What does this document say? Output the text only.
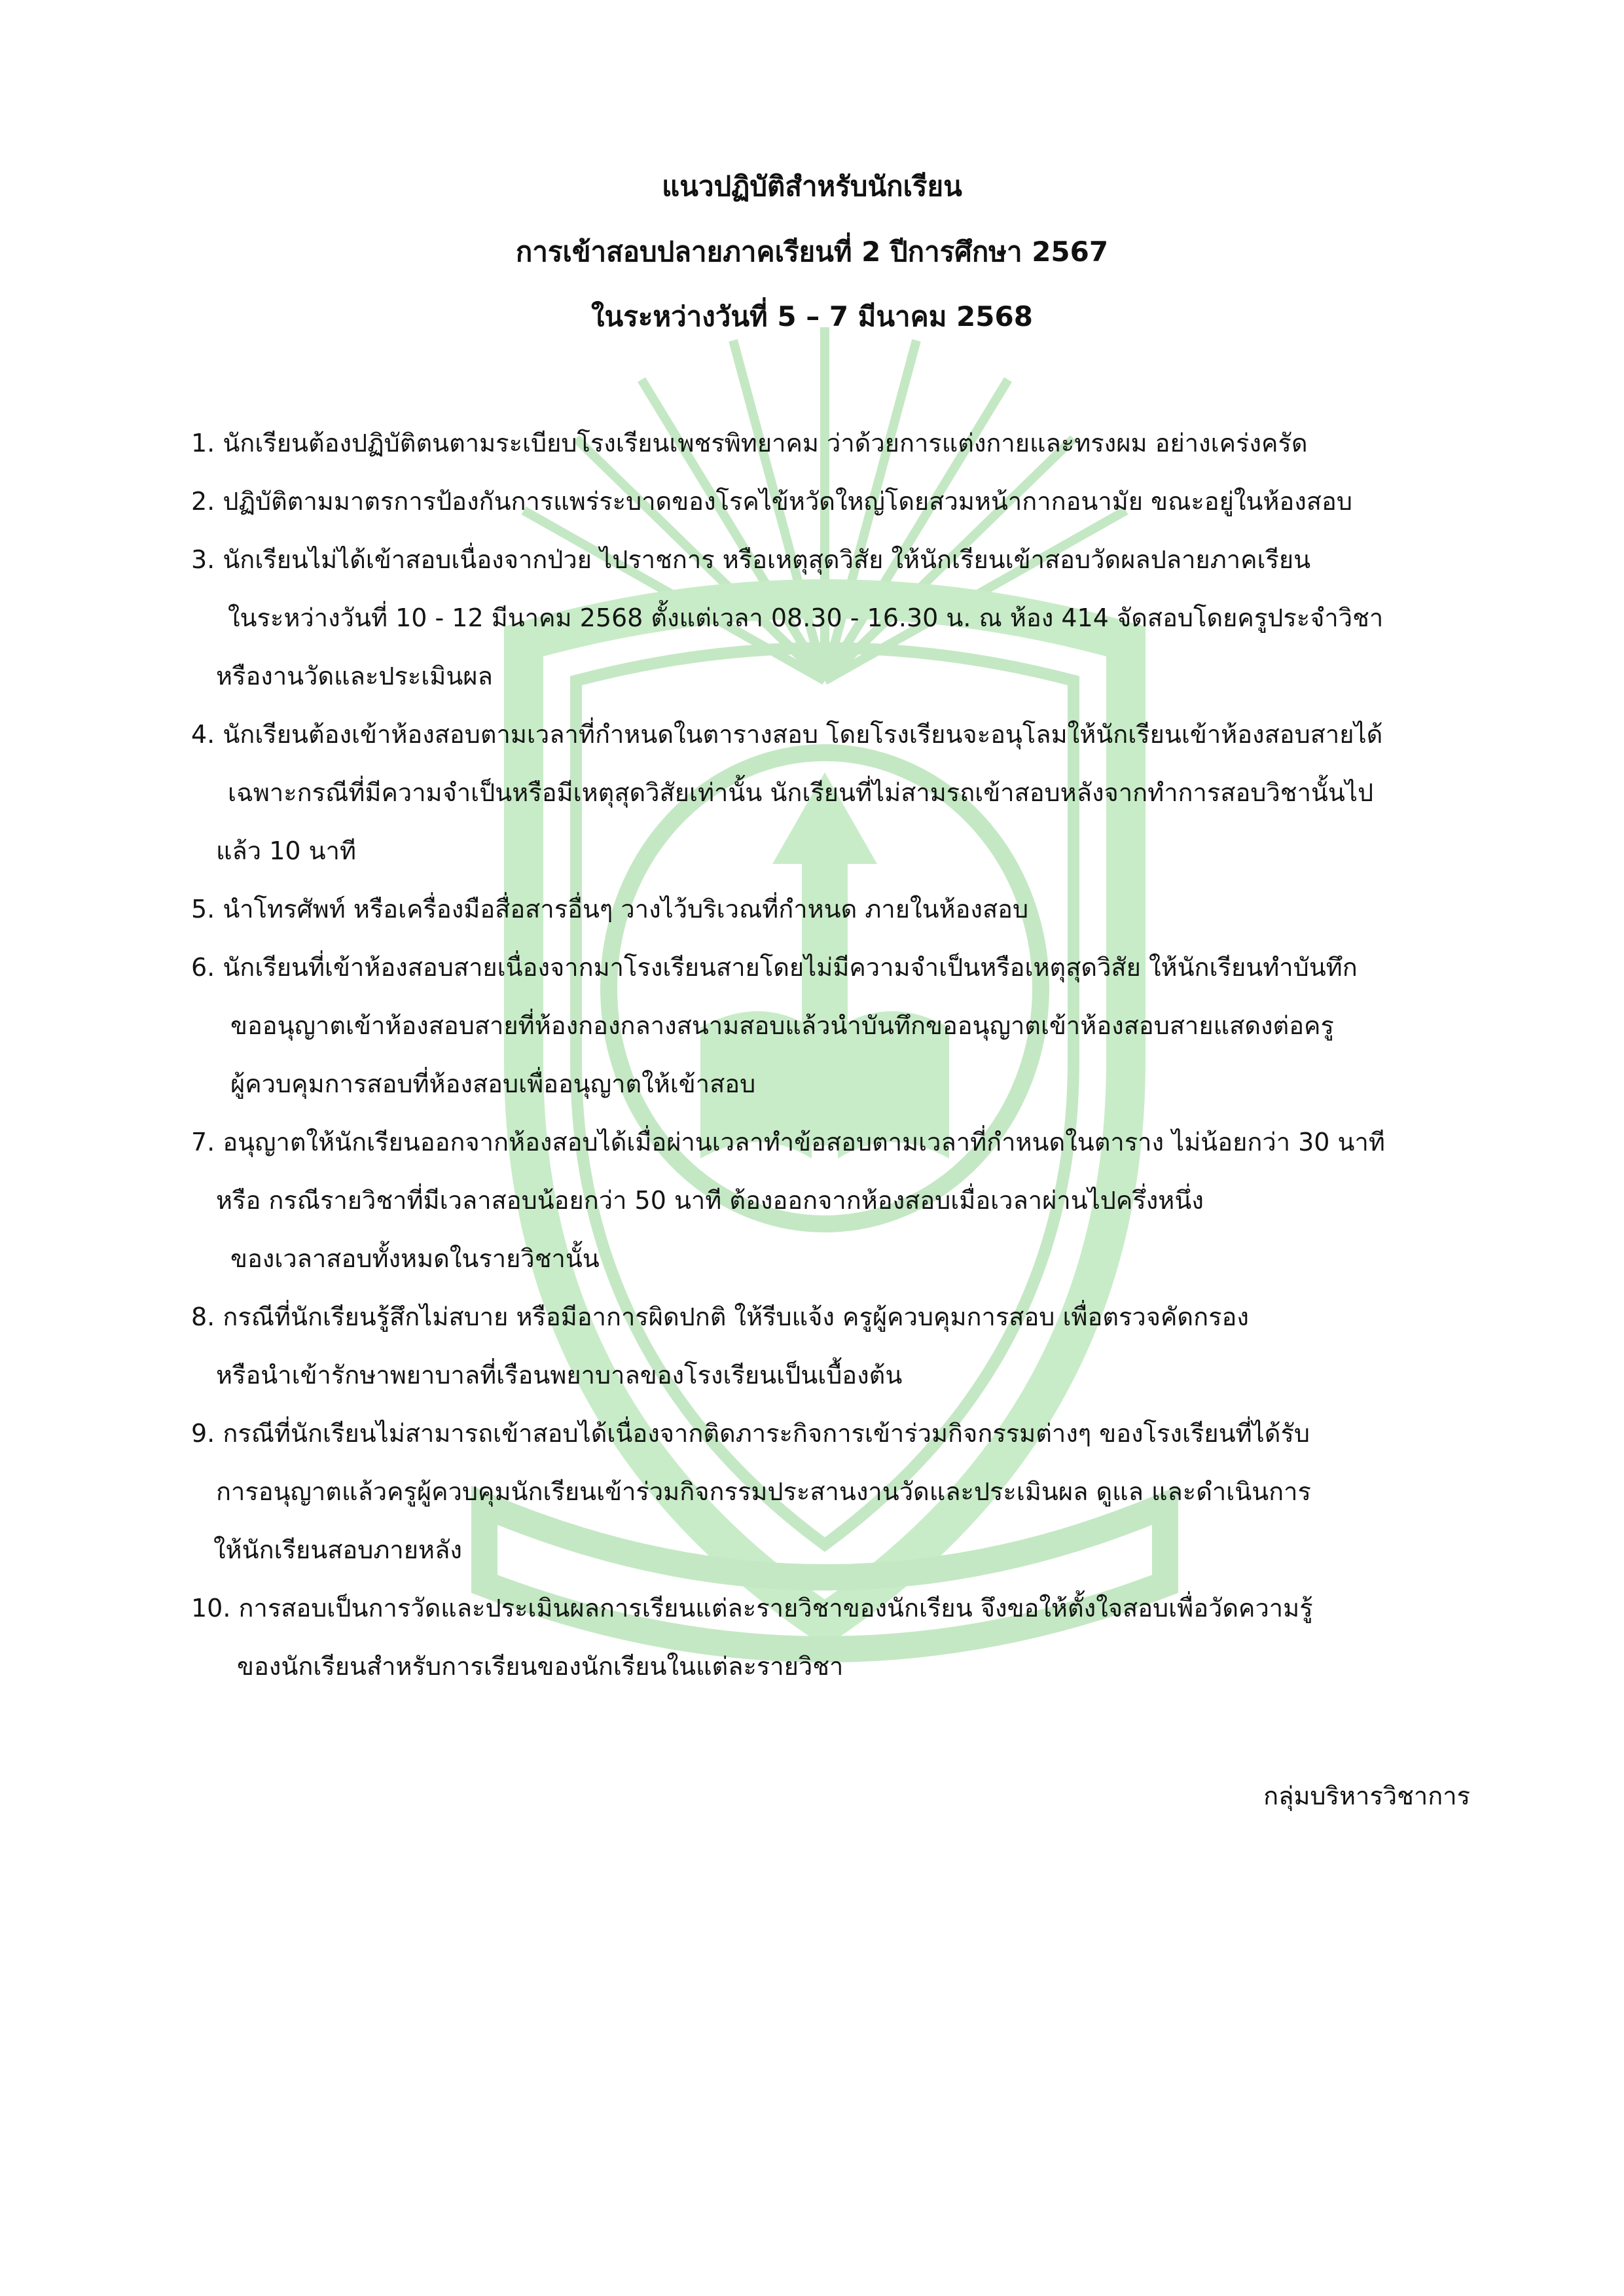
แนวปฏิบัติสำหรับนักเรียน
การเข้าสอบปลายภาคเรียนที่ 2 ปีการศึกษา 2567
ในระหว่างวันที่ 5 – 7 มีนาคม 2568
1. นักเรียนต้องปฏิบัติตนตามระเบียบโรงเรียนเพชรพิทยาคม ว่าด้วยการแต่งกายและทรงผม อย่างเคร่งครัด
2. ปฏิบัติตามมาตรการป้องกันการแพร่ระบาดของโรคไข้หวัดใหญ่โดยสวมหน้ากากอนามัย ขณะอยู่ในห้องสอบ
3. นักเรียนไม่ได้เข้าสอบเนื่องจากป่วย ไปราชการ หรือเหตุสุดวิสัย ให้นักเรียนเข้าสอบวัดผลปลายภาคเรียน
ในระหว่างวันที่ 10 - 12 มีนาคม 2568 ตั้งแต่เวลา 08.30 - 16.30 น. ณ ห้อง 414 จัดสอบโดยครูประจำวิชา
หรืองานวัดและประเมินผล
4. นักเรียนต้องเข้าห้องสอบตามเวลาที่กำหนดในตารางสอบ โดยโรงเรียนจะอนุโลมให้นักเรียนเข้าห้องสอบสายได้
เฉพาะกรณีที่มีความจำเป็นหรือมีเหตุสุดวิสัยเท่านั้น นักเรียนที่ไม่สามรถเข้าสอบหลังจากทำการสอบวิชานั้นไป
แล้ว 10 นาที
5. นำโทรศัพท์ หรือเครื่องมือสื่อสารอื่นๆ วางไว้บริเวณที่กำหนด ภายในห้องสอบ
6. นักเรียนที่เข้าห้องสอบสายเนื่องจากมาโรงเรียนสายโดยไม่มีความจำเป็นหรือเหตุสุดวิสัย ให้นักเรียนทำบันทึก
ขออนุญาตเข้าห้องสอบสายที่ห้องกองกลางสนามสอบแล้วนำบันทึกขออนุญาตเข้าห้องสอบสายแสดงต่อครู
ผู้ควบคุมการสอบที่ห้องสอบเพื่ออนุญาตให้เข้าสอบ
7. อนุญาตให้นักเรียนออกจากห้องสอบได้เมื่อผ่านเวลาทำข้อสอบตามเวลาที่กำหนดในตาราง ไม่น้อยกว่า 30 นาที
หรือ กรณีรายวิชาที่มีเวลาสอบน้อยกว่า 50 นาที ต้องออกจากห้องสอบเมื่อเวลาผ่านไปครึ่งหนึ่ง
ของเวลาสอบทั้งหมดในรายวิชานั้น
8. กรณีที่นักเรียนรู้สึกไม่สบาย หรือมีอาการผิดปกติ ให้รีบแจ้ง ครูผู้ควบคุมการสอบ เพื่อตรวจคัดกรอง
หรือนำเข้ารักษาพยาบาลที่เรือนพยาบาลของโรงเรียนเป็นเบื้องต้น
9. กรณีที่นักเรียนไม่สามารถเข้าสอบได้เนื่องจากติดภาระกิจการเข้าร่วมกิจกรรมต่างๆ ของโรงเรียนที่ได้รับ
การอนุญาตแล้วครูผู้ควบคุมนักเรียนเข้าร่วมกิจกรรมประสานงานวัดและประเมินผล ดูแล และดำเนินการ
ให้นักเรียนสอบภายหลัง
10. การสอบเป็นการวัดและประเมินผลการเรียนแต่ละรายวิชาของนักเรียน จึงขอให้ตั้งใจสอบเพื่อวัดความรู้
ของนักเรียนสำหรับการเรียนของนักเรียนในแต่ละรายวิชา
กลุ่มบริหารวิชาการ
